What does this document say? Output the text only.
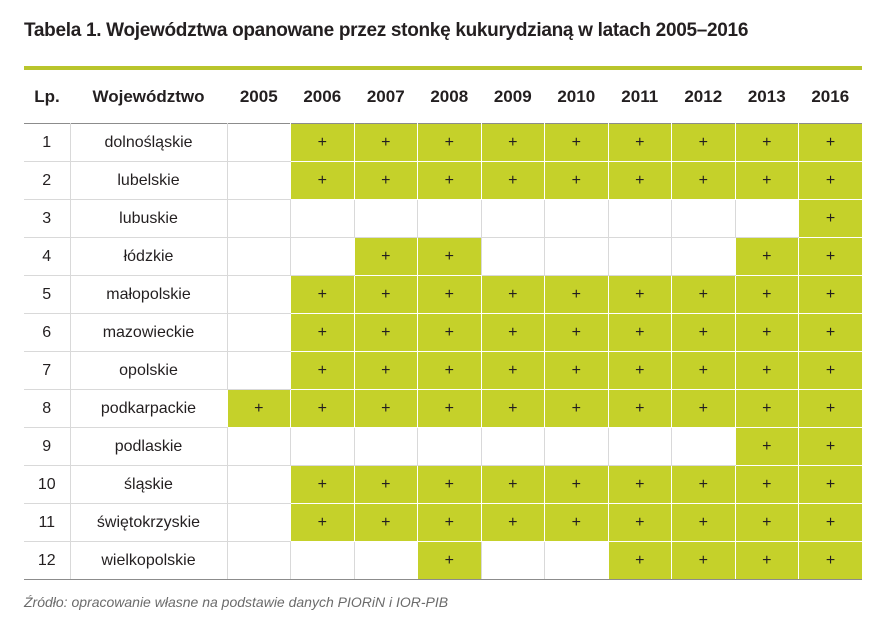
Tabela 1. Województwa opanowane przez stonkę kukurydzianą w latach 2005–2016
Lp.	Województwo	2005	2006	2007	2008	2009	2010	2011	2012	2013	2016
1	dolnośląskie		+	+	+	+	+	+	+	+	+
2	lubelskie		+	+	+	+	+	+	+	+	+
3	lubuskie										+
4	łódzkie			+	+					+	+
5	małopolskie		+	+	+	+	+	+	+	+	+
6	mazowieckie		+	+	+	+	+	+	+	+	+
7	opolskie		+	+	+	+	+	+	+	+	+
8	podkarpackie	+	+	+	+	+	+	+	+	+	+
9	podlaskie									+	+
10	śląskie		+	+	+	+	+	+	+	+	+
11	świętokrzyskie		+	+	+	+	+	+	+	+	+
12	wielkopolskie				+			+	+	+	+
Źródło: opracowanie własne na podstawie danych PIORiN i IOR-PIB
